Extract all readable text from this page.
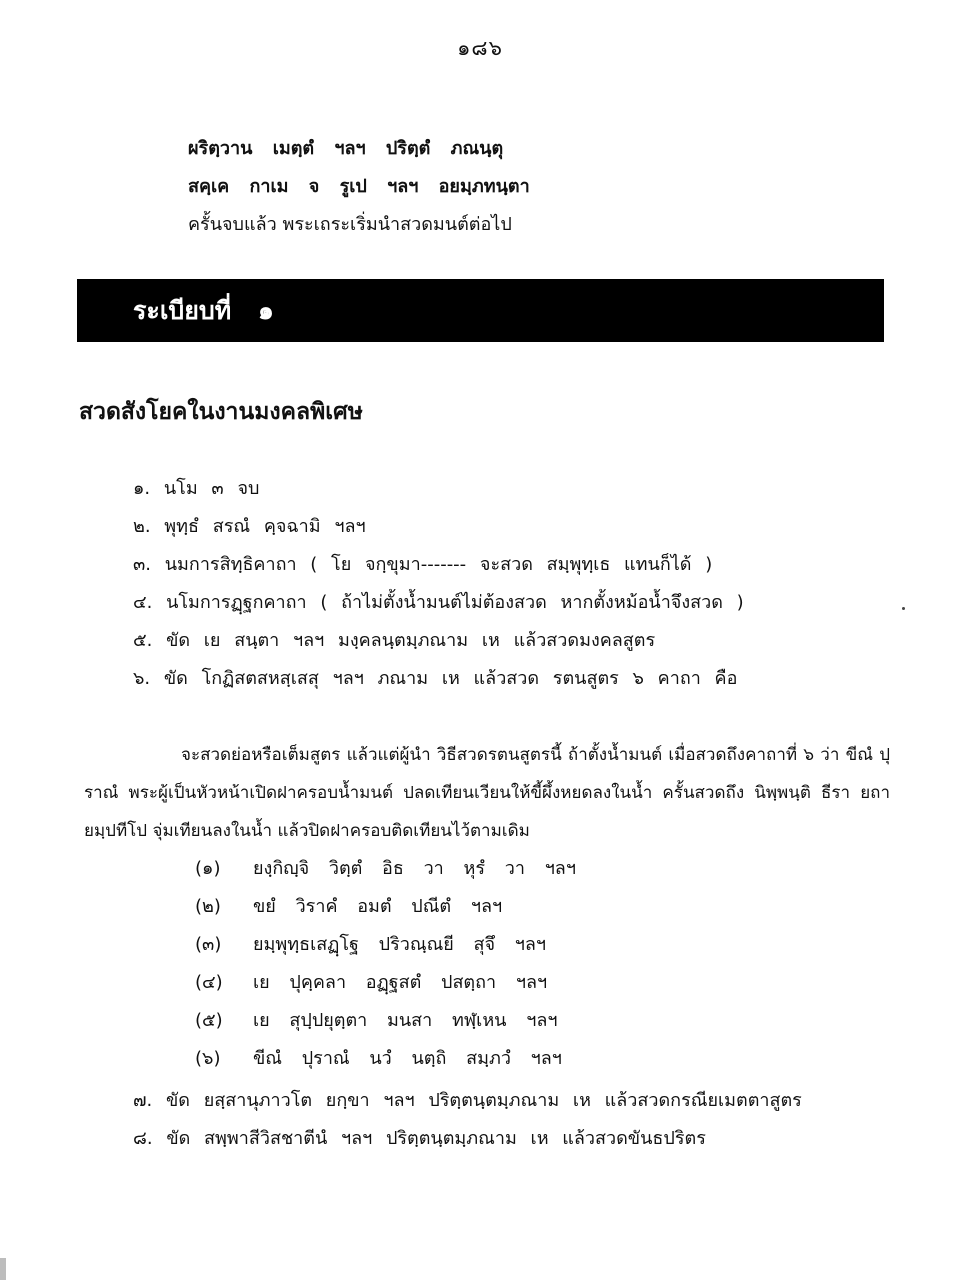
๑๘๖
ผริตฺวาน เมตฺตํ ฯลฯ ปริตฺตํ ภณนฺตุ
สคฺเค กาเม จ รูเป ฯลฯ อยมฺภทนฺตา
ครั้นจบแล้ว พระเถระเริ่มนำสวดมนต์ต่อไป
ระเบียบที่ ๑
สวดสังโยคในงานมงคลพิเศษ
๑. นโม ๓ จบ
๒. พุทฺธํ สรณํ คฺจฉามิ ฯลฯ
๓. นมการสิทฺธิคาถา ( โย จกฺขุมา------- จะสวด สมฺพุทฺเธ แทนก็ได้ )
๔. นโมการฏฺฐกคาถา ( ถ้าไม่ตั้งน้ำมนต์ไม่ต้องสวด หากตั้งหม้อน้ำจึงสวด )
๕. ขัด เย สนฺตา ฯลฯ มงฺคลนฺตมฺภณาม เห แล้วสวดมงคลสูตร
๖. ขัด โกฏิสตสหสฺเสสุ ฯลฯ ภณาม เห แล้วสวด รตนสูตร ๖ คาถา คือ

จะสวดย่อหรือเต็มสูตร แล้วแต่ผู้นำ วิธีสวดรตนสูตรนี้ ถ้าตั้งน้ำมนต์ เมื่อสวดถึงคาถาที่ ๖ ว่า ขีณํ ปุราณํ พระผู้เป็นหัวหน้าเปิดฝาครอบน้ำมนต์ ปลดเทียนเวียนให้ขี้ผึ้งหยดลงในน้ำ ครั้นสวดถึง นิพฺพนฺติ ธีรา ยถายมฺปทีโป จุ่มเทียนลงในน้ำ แล้วปิดฝาครอบติดเทียนไว้ตามเดิม

(๑) ยงฺกิญฺจิ วิตฺตํ อิธ วา หุรํ วา ฯลฯ
(๒) ขยํ วิราคํ อมตํ ปณีตํ ฯลฯ
(๓) ยมฺพุทฺธเสฏฺโฐ ปริวณฺณยี สุจึ ฯลฯ
(๔) เย ปุคฺคลา อฏฺฐสตํ ปสตฺถา ฯลฯ
(๕) เย สุปฺปยุตฺตา มนสา ทฬฺเหน ฯลฯ
(๖) ขีณํ ปุราณํ นวํ นตฺถิ สมฺภวํ ฯลฯ
๗. ขัด ยสฺสานุภาวโต ยกฺขา ฯลฯ ปริตฺตนฺตมฺภณาม เห แล้วสวดกรณียเมตตาสูตร
๘. ขัด สพฺพาสีวิสชาตีนํ ฯลฯ ปริตฺตนฺตมฺภณาม เห แล้วสวดขันธปริตร
